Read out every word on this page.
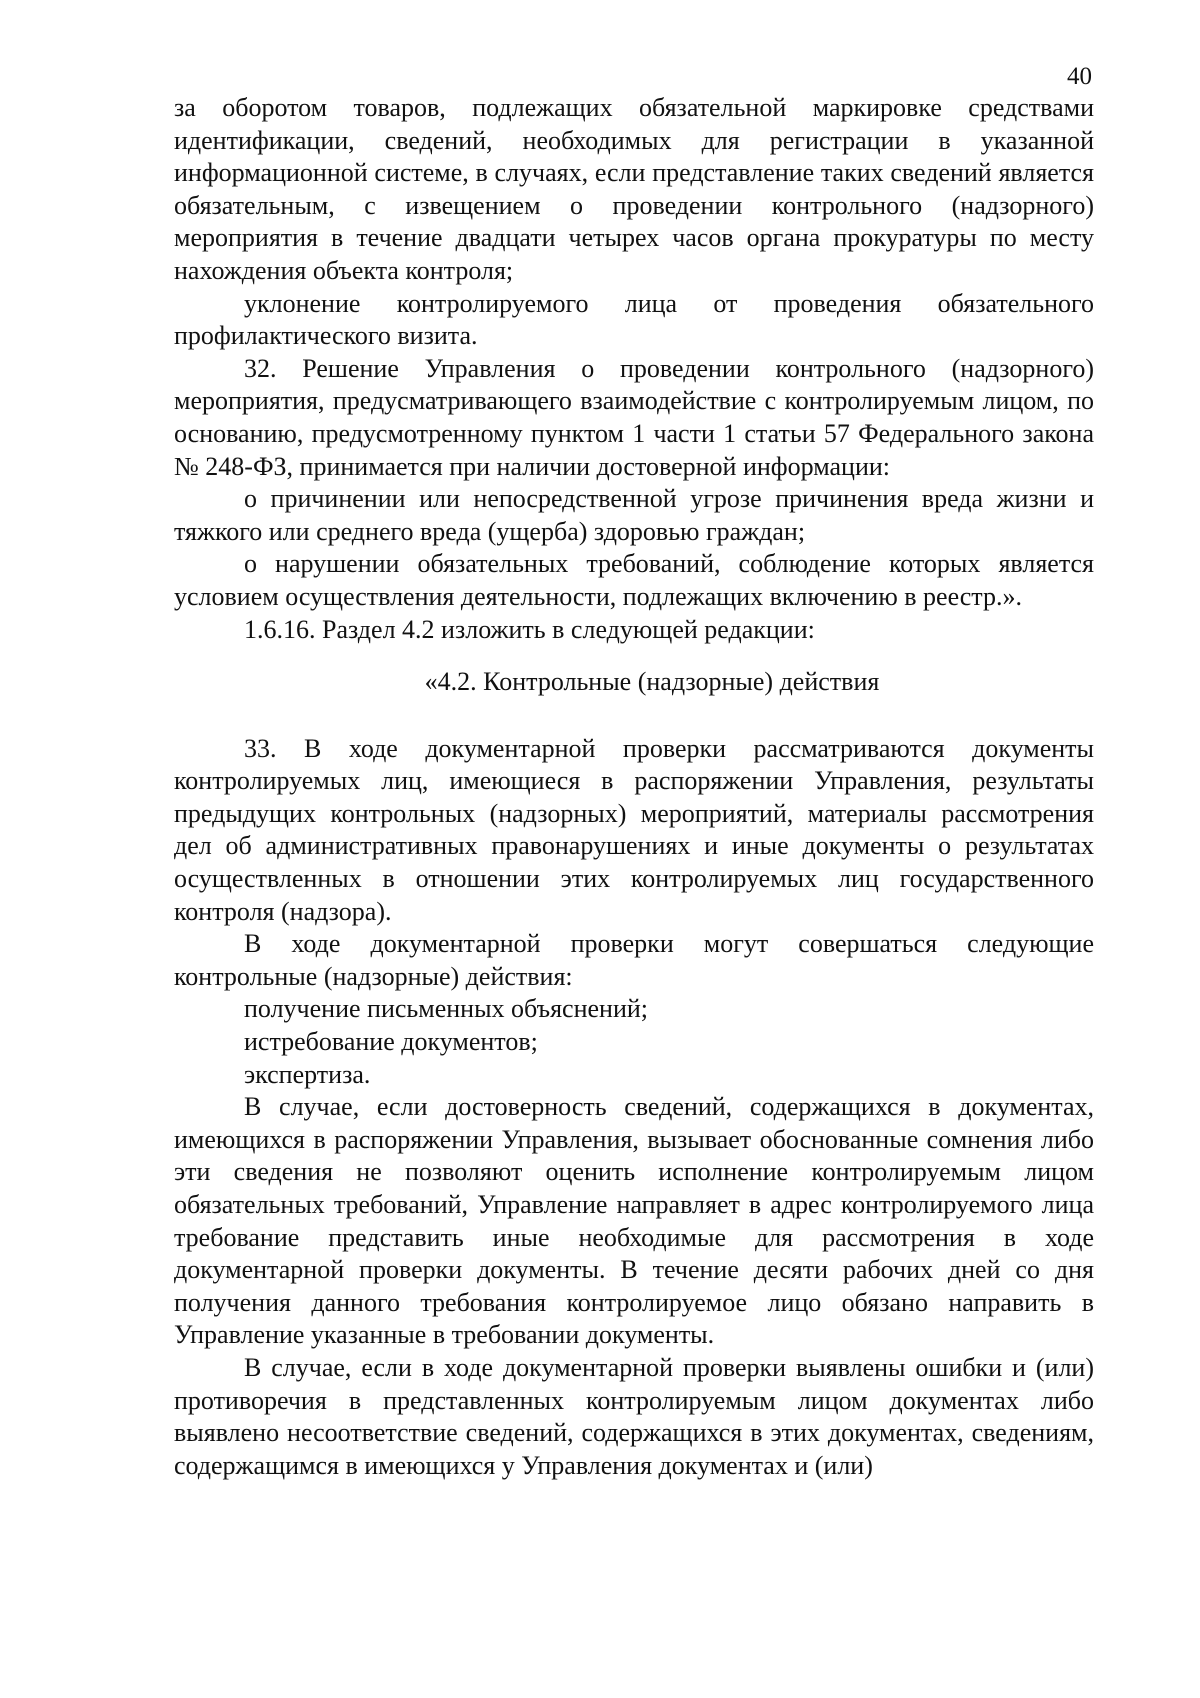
40

за оборотом товаров, подлежащих обязательной маркировке средствами идентификации, сведений, необходимых для регистрации в указанной информационной системе, в случаях, если представление таких сведений является обязательным, с извещением о проведении контрольного (надзорного) мероприятия в течение двадцати четырех часов органа прокуратуры по месту нахождения объекта контроля;

уклонение контролируемого лица от проведения обязательного профилактического визита.

32. Решение Управления о проведении контрольного (надзорного) мероприятия, предусматривающего взаимодействие с контролируемым лицом, по основанию, предусмотренному пунктом 1 части 1 статьи 57 Федерального закона № 248-ФЗ, принимается при наличии достоверной информации:

о причинении или непосредственной угрозе причинения вреда жизни и тяжкого или среднего вреда (ущерба) здоровью граждан;

о нарушении обязательных требований, соблюдение которых является условием осуществления деятельности, подлежащих включению в реестр.».

1.6.16. Раздел 4.2 изложить в следующей редакции:

«4.2. Контрольные (надзорные) действия

33. В ходе документарной проверки рассматриваются документы контролируемых лиц, имеющиеся в распоряжении Управления, результаты предыдущих контрольных (надзорных) мероприятий, материалы рассмотрения дел об административных правонарушениях и иные документы о результатах осуществленных в отношении этих контролируемых лиц государственного контроля (надзора).

В ходе документарной проверки могут совершаться следующие контрольные (надзорные) действия:

получение письменных объяснений;

истребование документов;

экспертиза.

В случае, если достоверность сведений, содержащихся в документах, имеющихся в распоряжении Управления, вызывает обоснованные сомнения либо эти сведения не позволяют оценить исполнение контролируемым лицом обязательных требований, Управление направляет в адрес контролируемого лица требование представить иные необходимые для рассмотрения в ходе документарной проверки документы. В течение десяти рабочих дней со дня получения данного требования контролируемое лицо обязано направить в Управление указанные в требовании документы.

В случае, если в ходе документарной проверки выявлены ошибки и (или) противоречия в представленных контролируемым лицом документах либо выявлено несоответствие сведений, содержащихся в этих документах, сведениям, содержащимся в имеющихся у Управления документах и (или)
